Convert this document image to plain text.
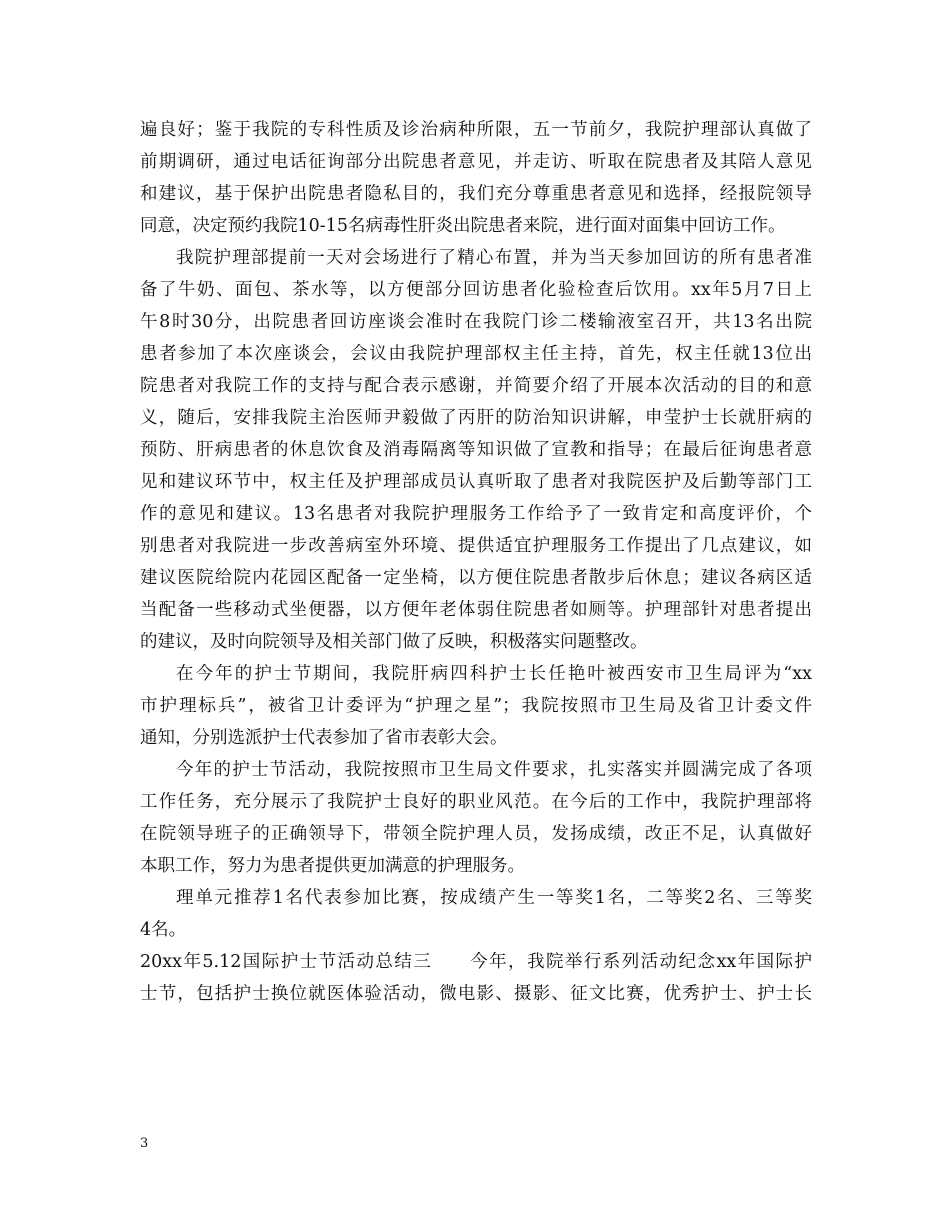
遍良好；鉴于我院的专科性质及诊治病种所限，五一节前夕，我院护理部认真做了
前期调研，通过电话征询部分出院患者意见，并走访、听取在院患者及其陪人意见
和建议，基于保护出院患者隐私目的，我们充分尊重患者意见和选择，经报院领导
同意，决定预约我院10-15名病毒性肝炎出院患者来院，进行面对面集中回访工作。
我院护理部提前一天对会场进行了精心布置，并为当天参加回访的所有患者准
备了牛奶、面包、茶水等，以方便部分回访患者化验检查后饮用。xx年5月7日上
午8时30分，出院患者回访座谈会准时在我院门诊二楼输液室召开，共13名出院
患者参加了本次座谈会，会议由我院护理部权主任主持，首先，权主任就13位出
院患者对我院工作的支持与配合表示感谢，并简要介绍了开展本次活动的目的和意
义，随后，安排我院主治医师尹毅做了丙肝的防治知识讲解，申莹护士长就肝病的
预防、肝病患者的休息饮食及消毒隔离等知识做了宣教和指导；在最后征询患者意
见和建议环节中，权主任及护理部成员认真听取了患者对我院医护及后勤等部门工
作的意见和建议。13名患者对我院护理服务工作给予了一致肯定和高度评价，个
别患者对我院进一步改善病室外环境、提供适宜护理服务工作提出了几点建议，如
建议医院给院内花园区配备一定坐椅，以方便住院患者散步后休息；建议各病区适
当配备一些移动式坐便器，以方便年老体弱住院患者如厕等。护理部针对患者提出
的建议，及时向院领导及相关部门做了反映，积极落实问题整改。
在今年的护士节期间，我院肝病四科护士长任艳叶被西安市卫生局评为“xx
市护理标兵”，被省卫计委评为“护理之星”；我院按照市卫生局及省卫计委文件
通知，分别选派护士代表参加了省市表彰大会。
今年的护士节活动，我院按照市卫生局文件要求，扎实落实并圆满完成了各项
工作任务，充分展示了我院护士良好的职业风范。在今后的工作中，我院护理部将
在院领导班子的正确领导下，带领全院护理人员，发扬成绩，改正不足，认真做好
本职工作，努力为患者提供更加满意的护理服务。
理单元推荐1名代表参加比赛，按成绩产生一等奖1名，二等奖2名、三等奖
4名。
20xx年5.12国际护士节活动总结三　　今年，我院举行系列活动纪念xx年国际护
士节，包括护士换位就医体验活动，微电影、摄影、征文比赛，优秀护士、护士长
3
